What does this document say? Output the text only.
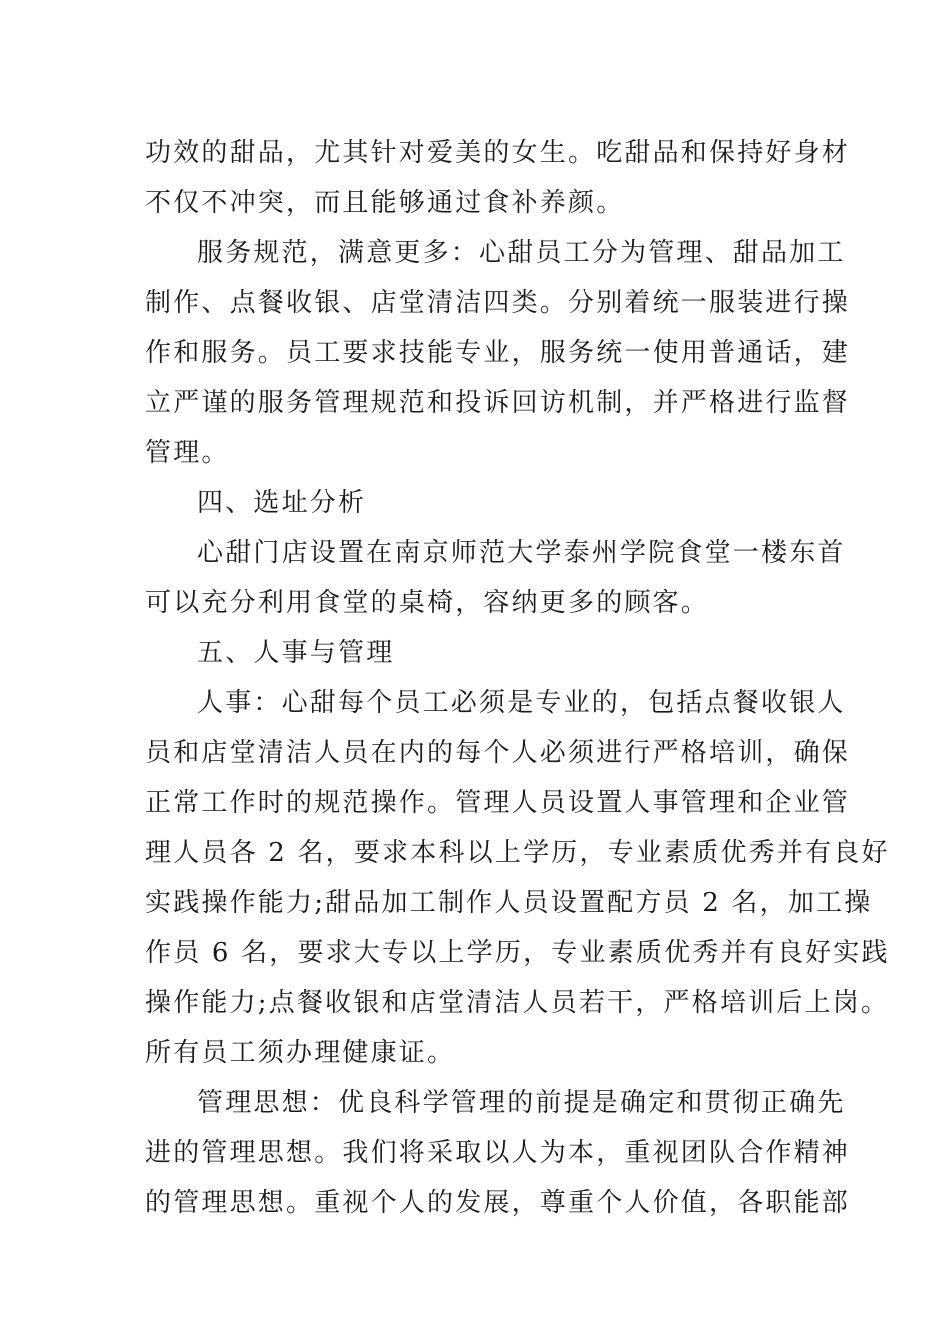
功效的甜品，尤其针对爱美的女生。吃甜品和保持好身材
不仅不冲突，而且能够通过食补养颜。
服务规范，满意更多：心甜员工分为管理、甜品加工
制作、点餐收银、店堂清洁四类。分别着统一服装进行操
作和服务。员工要求技能专业，服务统一使用普通话，建
立严谨的服务管理规范和投诉回访机制，并严格进行监督
管理。
四、选址分析
心甜门店设置在南京师范大学泰州学院食堂一楼东首
可以充分利用食堂的桌椅，容纳更多的顾客。
五、人事与管理
人事：心甜每个员工必须是专业的，包括点餐收银人
员和店堂清洁人员在内的每个人必须进行严格培训，确保
正常工作时的规范操作。管理人员设置人事管理和企业管
理人员各 2 名，要求本科以上学历，专业素质优秀并有良好
实践操作能力;甜品加工制作人员设置配方员 2 名，加工操
作员 6 名，要求大专以上学历，专业素质优秀并有良好实践
操作能力;点餐收银和店堂清洁人员若干，严格培训后上岗。
所有员工须办理健康证。
管理思想：优良科学管理的前提是确定和贯彻正确先
进的管理思想。我们将采取以人为本，重视团队合作精神
的管理思想。重视个人的发展，尊重个人价值，各职能部
